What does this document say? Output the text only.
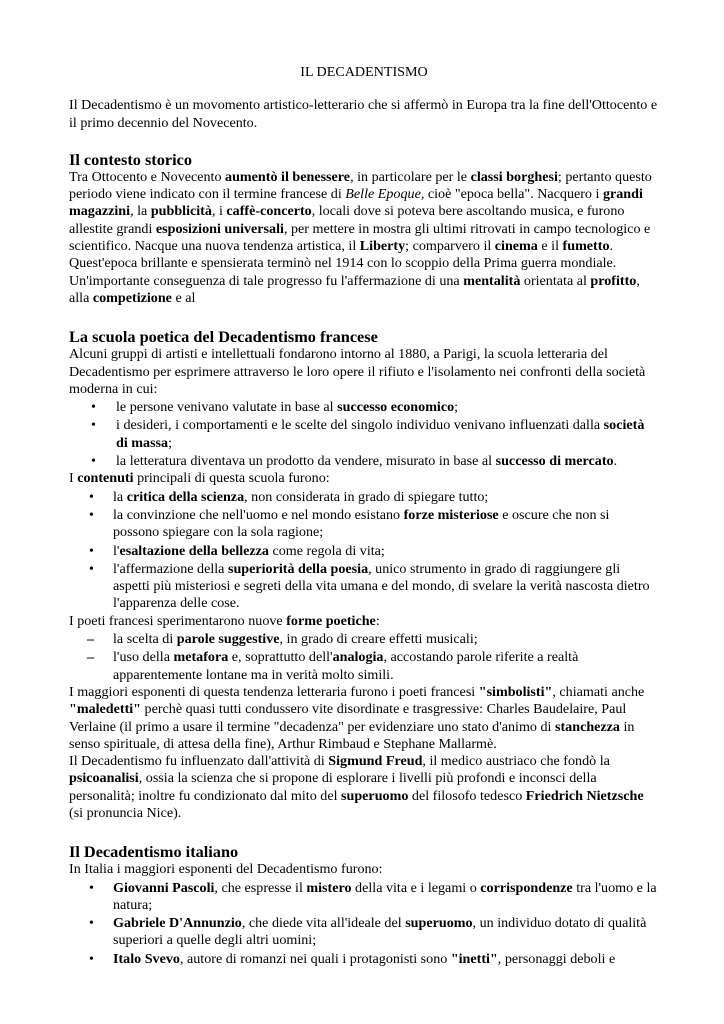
IL DECADENTISMO

Il Decadentismo è un movomento artistico-letterario che si affermò in Europa tra la fine dell'Ottocento e il primo decennio del Novecento.

Il contesto storico

Tra Ottocento e Novecento aumentò il benessere, in particolare per le classi borghesi; pertanto questo periodo viene indicato con il termine francese di Belle Epoque, cioè "epoca bella". Nacquero i grandi magazzini, la pubblicità, i caffè-concerto, locali dove si poteva bere ascoltando musica, e furono allestite grandi esposizioni universali, per mettere in mostra gli ultimi ritrovati in campo tecnologico e scientifico. Nacque una nuova tendenza artistica, il Liberty; comparvero il cinema e il fumetto. Quest'epoca brillante e spensierata terminò nel 1914 con lo scoppio della Prima guerra mondiale. Un'importante conseguenza di tale progresso fu l'affermazione di una mentalità orientata al profitto, alla competizione e al

La scuola poetica del Decadentismo francese

Alcuni gruppi di artisti e intellettuali fondarono intorno al 1880, a Parigi, la scuola letteraria del Decadentismo per esprimere attraverso le loro opere il rifiuto e l'isolamento nei confronti della società moderna in cui:

• le persone venivano valutate in base al successo economico;
• i desideri, i comportamenti e le scelte del singolo individuo venivano influenzati dalla società di massa;
• la letteratura diventava un prodotto da vendere, misurato in base al successo di mercato.

I contenuti principali di questa scuola furono:

• la critica della scienza, non considerata in grado di spiegare tutto;
• la convinzione che nell'uomo e nel mondo esistano forze misteriose e oscure che non si possono spiegare con la sola ragione;
• l'esaltazione della bellezza come regola di vita;
• l'affermazione della superiorità della poesia, unico strumento in grado di raggiungere gli aspetti più misteriosi e segreti della vita umana e del mondo, di svelare la verità nascosta dietro l'apparenza delle cose.

I poeti francesi sperimentarono nuove forme poetiche:

– la scelta di parole suggestive, in grado di creare effetti musicali;
– l'uso della metafora e, soprattutto dell'analogia, accostando parole riferite a realtà apparentemente lontane ma in verità molto simili.

I maggiori esponenti di questa tendenza letteraria furono i poeti francesi "simbolisti", chiamati anche "maledetti" perchè quasi tutti condussero vite disordinate e trasgressive: Charles Baudelaire, Paul Verlaine (il primo a usare il termine "decadenza" per evidenziare uno stato d'animo di stanchezza in senso spirituale, di attesa della fine), Arthur Rimbaud e Stephane Mallarmè.

Il Decadentismo fu influenzato dall'attività di Sigmund Freud, il medico austriaco che fondò la psicoanalisi, ossia la scienza che si propone di esplorare i livelli più profondi e inconsci della personalità; inoltre fu condizionato dal mito del superuomo del filosofo tedesco Friedrich Nietzsche (si pronuncia Nice).

Il Decadentismo italiano

In Italia i maggiori esponenti del Decadentismo furono:

• Giovanni Pascoli, che espresse il mistero della vita e i legami o corrispondenze tra l'uomo e la natura;
• Gabriele D'Annunzio, che diede vita all'ideale del superuomo, un individuo dotato di qualità superiori a quelle degli altri uomini;
• Italo Svevo, autore di romanzi nei quali i protagonisti sono "inetti", personaggi deboli e
